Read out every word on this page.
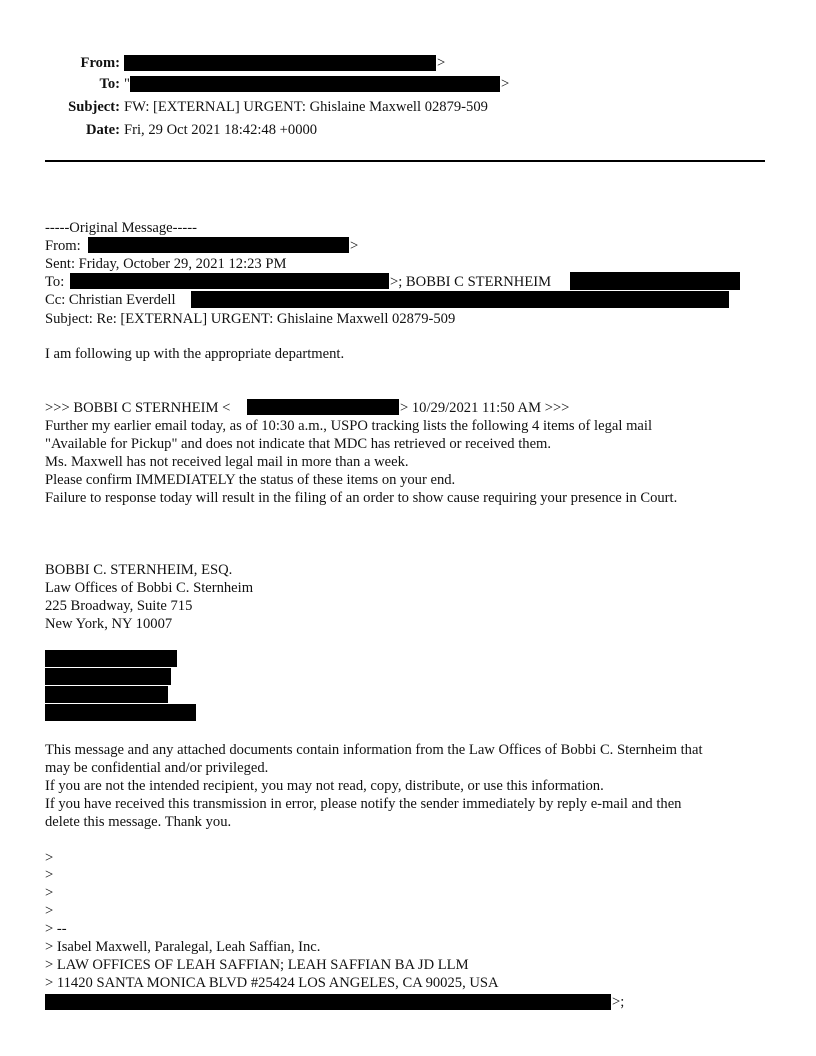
From:	>
To: "	>
Subject: FW: [EXTERNAL] URGENT: Ghislaine Maxwell 02879-509
Date: Fri, 29 Oct 2021 18:42:48 +0000
-----Original Message-----
From:	>
Sent: Friday, October 29, 2021 12:23 PM
To:	>; BOBBI C STERNHEIM
Cc: Christian Everdell
Subject: Re: [EXTERNAL] URGENT: Ghislaine Maxwell 02879-509
I am following up with the appropriate department.
>>> BOBBI C STERNHEIM <	> 10/29/2021 11:50 AM >>>
Further my earlier email today, as of 10:30 a.m., USPO tracking lists the following 4 items of legal mail
"Available for Pickup" and does not indicate that MDC has retrieved or received them.
Ms. Maxwell has not received legal mail in more than a week.
Please confirm IMMEDIATELY the status of these items on your end.
Failure to response today will result in the filing of an order to show cause requiring your presence in Court.
BOBBI C. STERNHEIM, ESQ.
Law Offices of Bobbi C. Sternheim
225 Broadway, Suite 715
New York, NY 10007
This message and any attached documents contain information from the Law Offices of Bobbi C. Sternheim that
may be confidential and/or privileged.
If you are not the intended recipient, you may not read, copy, distribute, or use this information.
If you have received this transmission in error, please notify the sender immediately by reply e-mail and then
delete this message. Thank you.
>
>
>
>
> --
> Isabel Maxwell, Paralegal, Leah Saffian, Inc.
> LAW OFFICES OF LEAH SAFFIAN; LEAH SAFFIAN BA JD LLM
> 11420 SANTA MONICA BLVD #25424 LOS ANGELES, CA 90025, USA
>;
